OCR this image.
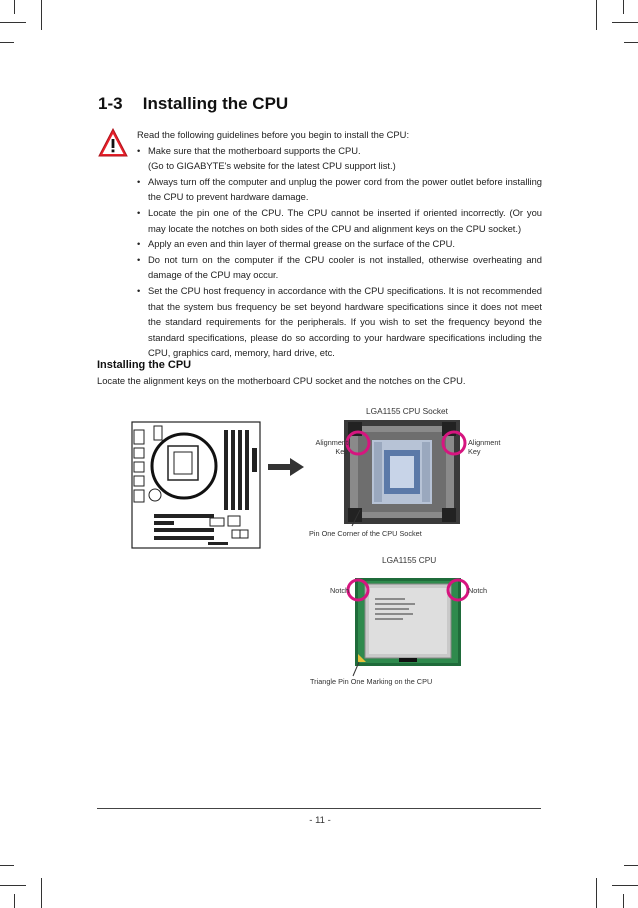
1-3 Installing the CPU

Read the following guidelines before you begin to install the CPU:

• Make sure that the motherboard supports the CPU.
(Go to GIGABYTE's website for the latest CPU support list.)
• Always turn off the computer and unplug the power cord from the power outlet before installing the CPU to prevent hardware damage.
• Locate the pin one of the CPU. The CPU cannot be inserted if oriented incorrectly. (Or you may locate the notches on both sides of the CPU and alignment keys on the CPU socket.)
• Apply an even and thin layer of thermal grease on the surface of the CPU.
• Do not turn on the computer if the CPU cooler is not installed, otherwise overheating and damage of the CPU may occur.
• Set the CPU host frequency in accordance with the CPU specifications. It is not recommended that the system bus frequency be set beyond hardware specifications since it does not meet the standard requirements for the peripherals. If you wish to set the frequency beyond the standard specifications, please do so according to your hardware specifications including the CPU, graphics card, memory, hard drive, etc.
Installing the CPU
Locate the alignment keys on the motherboard CPU socket and the notches on the CPU.
LGA1155 CPU Socket
Alignment
Key
Alignment
Key
Pin One Corner of the CPU Socket
LGA1155 CPU
Notch	Notch
Triangle Pin One Marking on the CPU
- 11 -
